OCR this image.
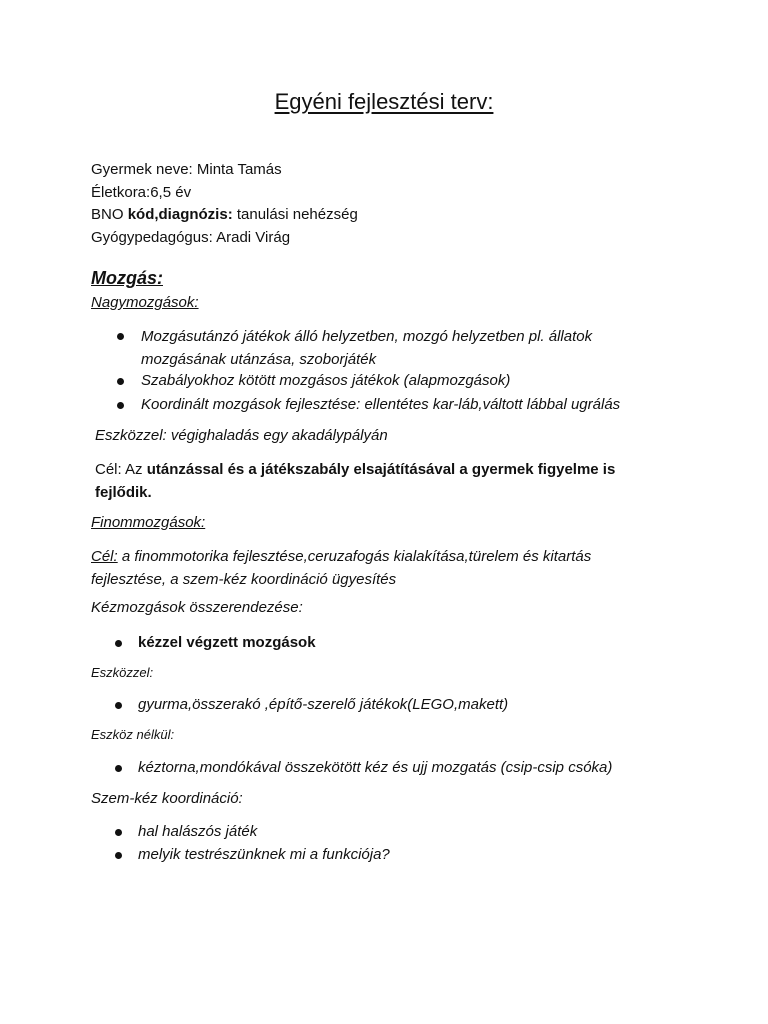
Egyéni fejlesztési terv:
Gyermek neve: Minta Tamás
Életkora:6,5 év
BNO kód,diagnózis: tanulási nehézség
Gyógypedagógus: Aradi Virág
Mozgás:
Nagymozgások:
Mozgásutánzó játékok álló helyzetben, mozgó helyzetben pl. állatok
mozgásának utánzása, szoborjáték
Szabályokhoz kötött mozgásos játékok (alapmozgások)
Koordinált mozgások fejlesztése: ellentétes kar-láb,váltott lábbal ugrálás
Eszközzel: végighaladás egy akadálypályán
Cél: Az utánzással és a játékszabály elsajátításával a gyermek figyelme is
fejlődik.
Finommozgások:
Cél: a finommotorika fejlesztése,ceruzafogás kialakítása,türelem és kitartás
fejlesztése, a szem-kéz koordináció ügyesítés
Kézmozgások összerendezése:
kézzel végzett mozgások
Eszközzel:
gyurma,összerakó ,építő-szerelő játékok(LEGO,makett)
Eszköz nélkül:
kéztorna,mondókával összekötött kéz és ujj mozgatás (csip-csip csóka)
Szem-kéz koordináció:
hal halászós játék
melyik testrészünknek mi a funkciója?
